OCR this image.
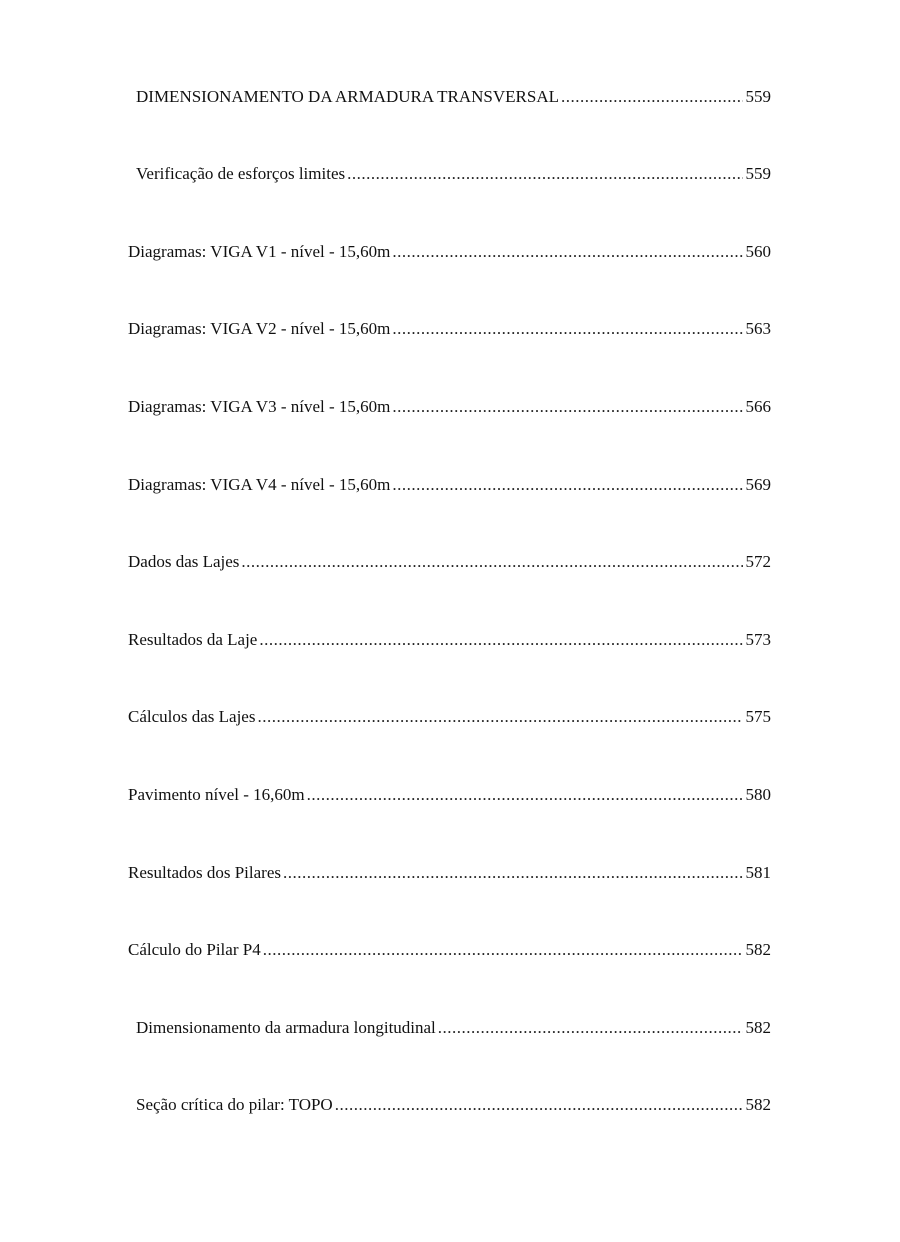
DIMENSIONAMENTO DA ARMADURA TRANSVERSAL .....	559
Verificação de esforços limites .....	559
Diagramas: VIGA V1 - nível - 15,60m .....	560
Diagramas: VIGA V2 - nível - 15,60m .....	563
Diagramas: VIGA V3 - nível - 15,60m .....	566
Diagramas: VIGA V4 - nível - 15,60m .....	569
Dados das Lajes .....	572
Resultados da Laje .....	573
Cálculos das Lajes .....	575
Pavimento nível - 16,60m .....	580
Resultados dos Pilares .....	581
Cálculo do Pilar P4 .....	582
Dimensionamento da armadura longitudinal .....	582
Seção crítica do pilar: TOPO .....	582
